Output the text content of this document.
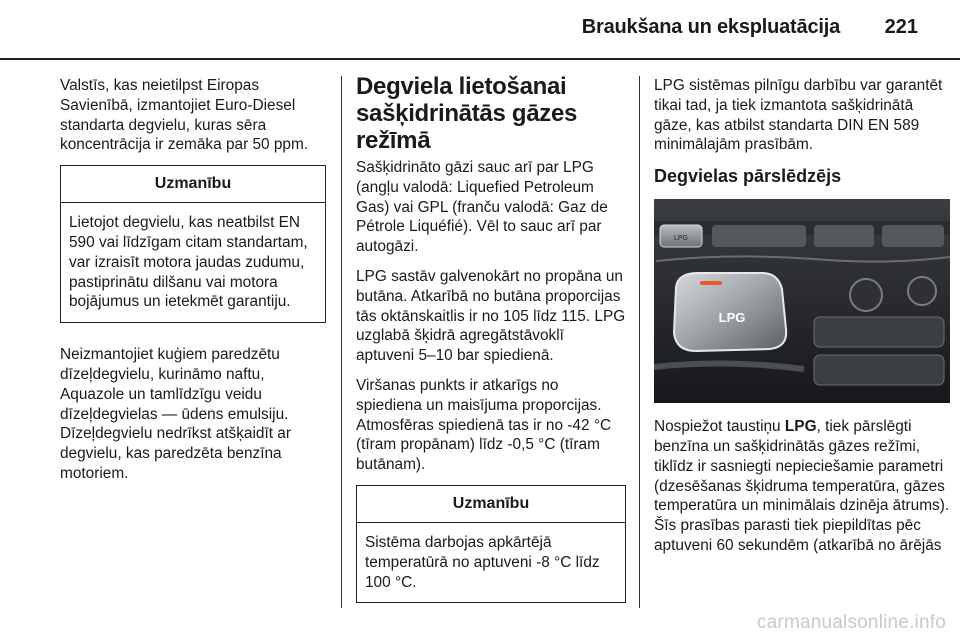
Braukšana un ekspluatācija 221

Valstīs, kas neietilpst Eiropas Savienībā, izmantojiet Euro-Diesel standarta degvielu, kuras sēra koncentrācija ir zemāka par 50 ppm.

Uzmanību
Lietojot degvielu, kas neatbilst EN 590 vai līdzīgam citam standartam, var izraisīt motora jaudas zudumu, pastiprinātu dilšanu vai motora bojājumus un ietekmēt garantiju.

Neizmantojiet kuģiem paredzētu dīzeļdegvielu, kurināmo naftu, Aquazole un tamlīdzīgu veidu dīzeļdegvielas — ūdens emulsiju. Dīzeļdegvielu nedrīkst atšķaidīt ar degvielu, kas paredzēta benzīna motoriem.

Degviela lietošanai sašķidrinātās gāzes režīmā

Sašķidrināto gāzi sauc arī par LPG (angļu valodā: Liquefied Petroleum Gas) vai GPL (franču valodā: Gaz de Pétrole Liquéfié). Vēl to sauc arī par autogāzi.

LPG sastāv galvenokārt no propāna un butāna. Atkarībā no butāna proporcijas tās oktānskaitlis ir no 105 līdz 115. LPG uzglabā šķidrā agregātstāvoklī aptuveni 5–10 bar spiedienā.

Viršanas punkts ir atkarīgs no spiediena un maisījuma proporcijas. Atmosfēras spiedienā tas ir no -42 °C (tīram propānam) līdz -0,5 °C (tīram butānam).

Uzmanību
Sistēma darbojas apkārtējā temperatūrā no aptuveni -8 °C līdz 100 °C.

LPG sistēmas pilnīgu darbību var garantēt tikai tad, ja tiek izmantota sašķidrinātā gāze, kas atbilst standarta DIN EN 589 minimālajām prasībām.

Degvielas pārslēdzējs
LPG
LPG

Nospiežot taustiņu LPG, tiek pārslēgti benzīna un sašķidrinātās gāzes režīmi, tiklīdz ir sasniegti nepieciešamie parametri (dzesēšanas šķidruma temperatūra, gāzes temperatūra un minimālais dzinēja ātrums). Šīs prasības parasti tiek piepildītas pēc aptuveni 60 sekundēm (atkarībā no ārējās

carmanualsonline.info
